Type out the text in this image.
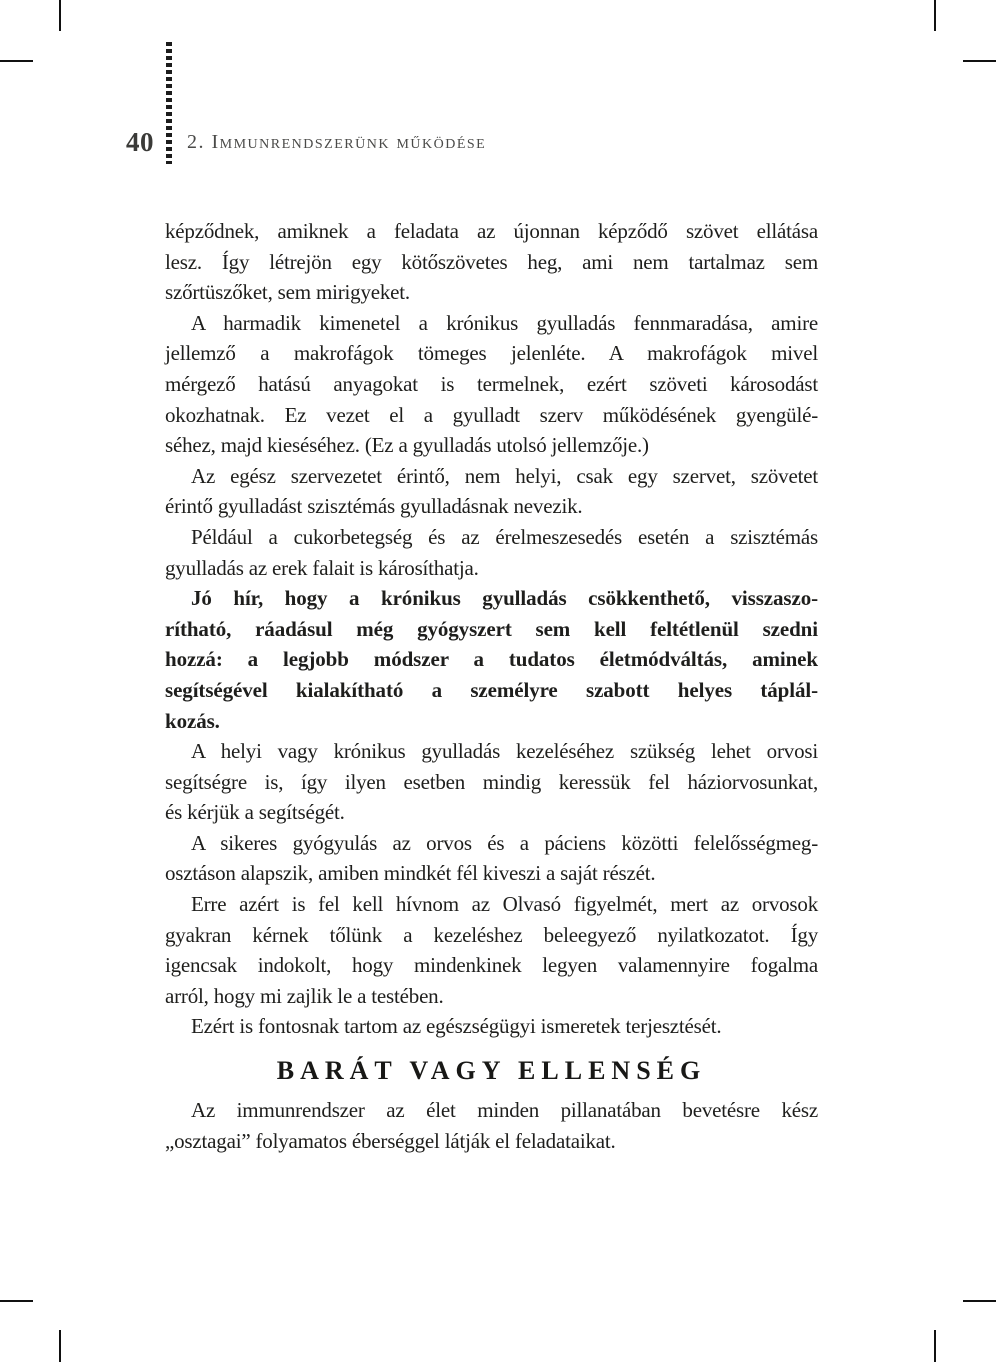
40 2. Immunrendszerünk működése
képződnek, amiknek a feladata az újonnan képződő szövet ellátása
lesz. Így létrejön egy kötőszövetes heg, ami nem tartalmaz sem
szőrtüszőket, sem mirigyeket.
A harmadik kimenetel a krónikus gyulladás fennmaradása, amire
jellemző a makrofágok tömeges jelenléte. A makrofágok mivel
mérgező hatású anyagokat is termelnek, ezért szöveti károsodást
okozhatnak. Ez vezet el a gyulladt szerv működésének gyengülé-
séhez, majd kieséséhez. (Ez a gyulladás utolsó jellemzője.)
Az egész szervezetet érintő, nem helyi, csak egy szervet, szövetet
érintő gyulladást szisztémás gyulladásnak nevezik.
Például a cukorbetegség és az érelmeszesedés esetén a szisztémás
gyulladás az erek falait is károsíthatja.
Jó hír, hogy a krónikus gyulladás csökkenthető, visszaszo-
rítható, ráadásul még gyógyszert sem kell feltétlenül szedni
hozzá: a legjobb módszer a tudatos életmódváltás, aminek
segítségével kialakítható a személyre szabott helyes táplál-
kozás.
A helyi vagy krónikus gyulladás kezeléséhez szükség lehet orvosi
segítségre is, így ilyen esetben mindig keressük fel háziorvosunkat,
és kérjük a segítségét.
A sikeres gyógyulás az orvos és a páciens közötti felelősségmeg-
osztáson alapszik, amiben mindkét fél kiveszi a saját részét.
Erre azért is fel kell hívnom az Olvasó figyelmét, mert az orvosok
gyakran kérnek tőlünk a kezeléshez beleegyező nyilatkozatot. Így
igencsak indokolt, hogy mindenkinek legyen valamennyire fogalma
arról, hogy mi zajlik le a testében.
Ezért is fontosnak tartom az egészségügyi ismeretek terjesztését.
BARÁT VAGY ELLENSÉG
Az immunrendszer az élet minden pillanatában bevetésre kész
„osztagai” folyamatos éberséggel látják el feladataikat.
